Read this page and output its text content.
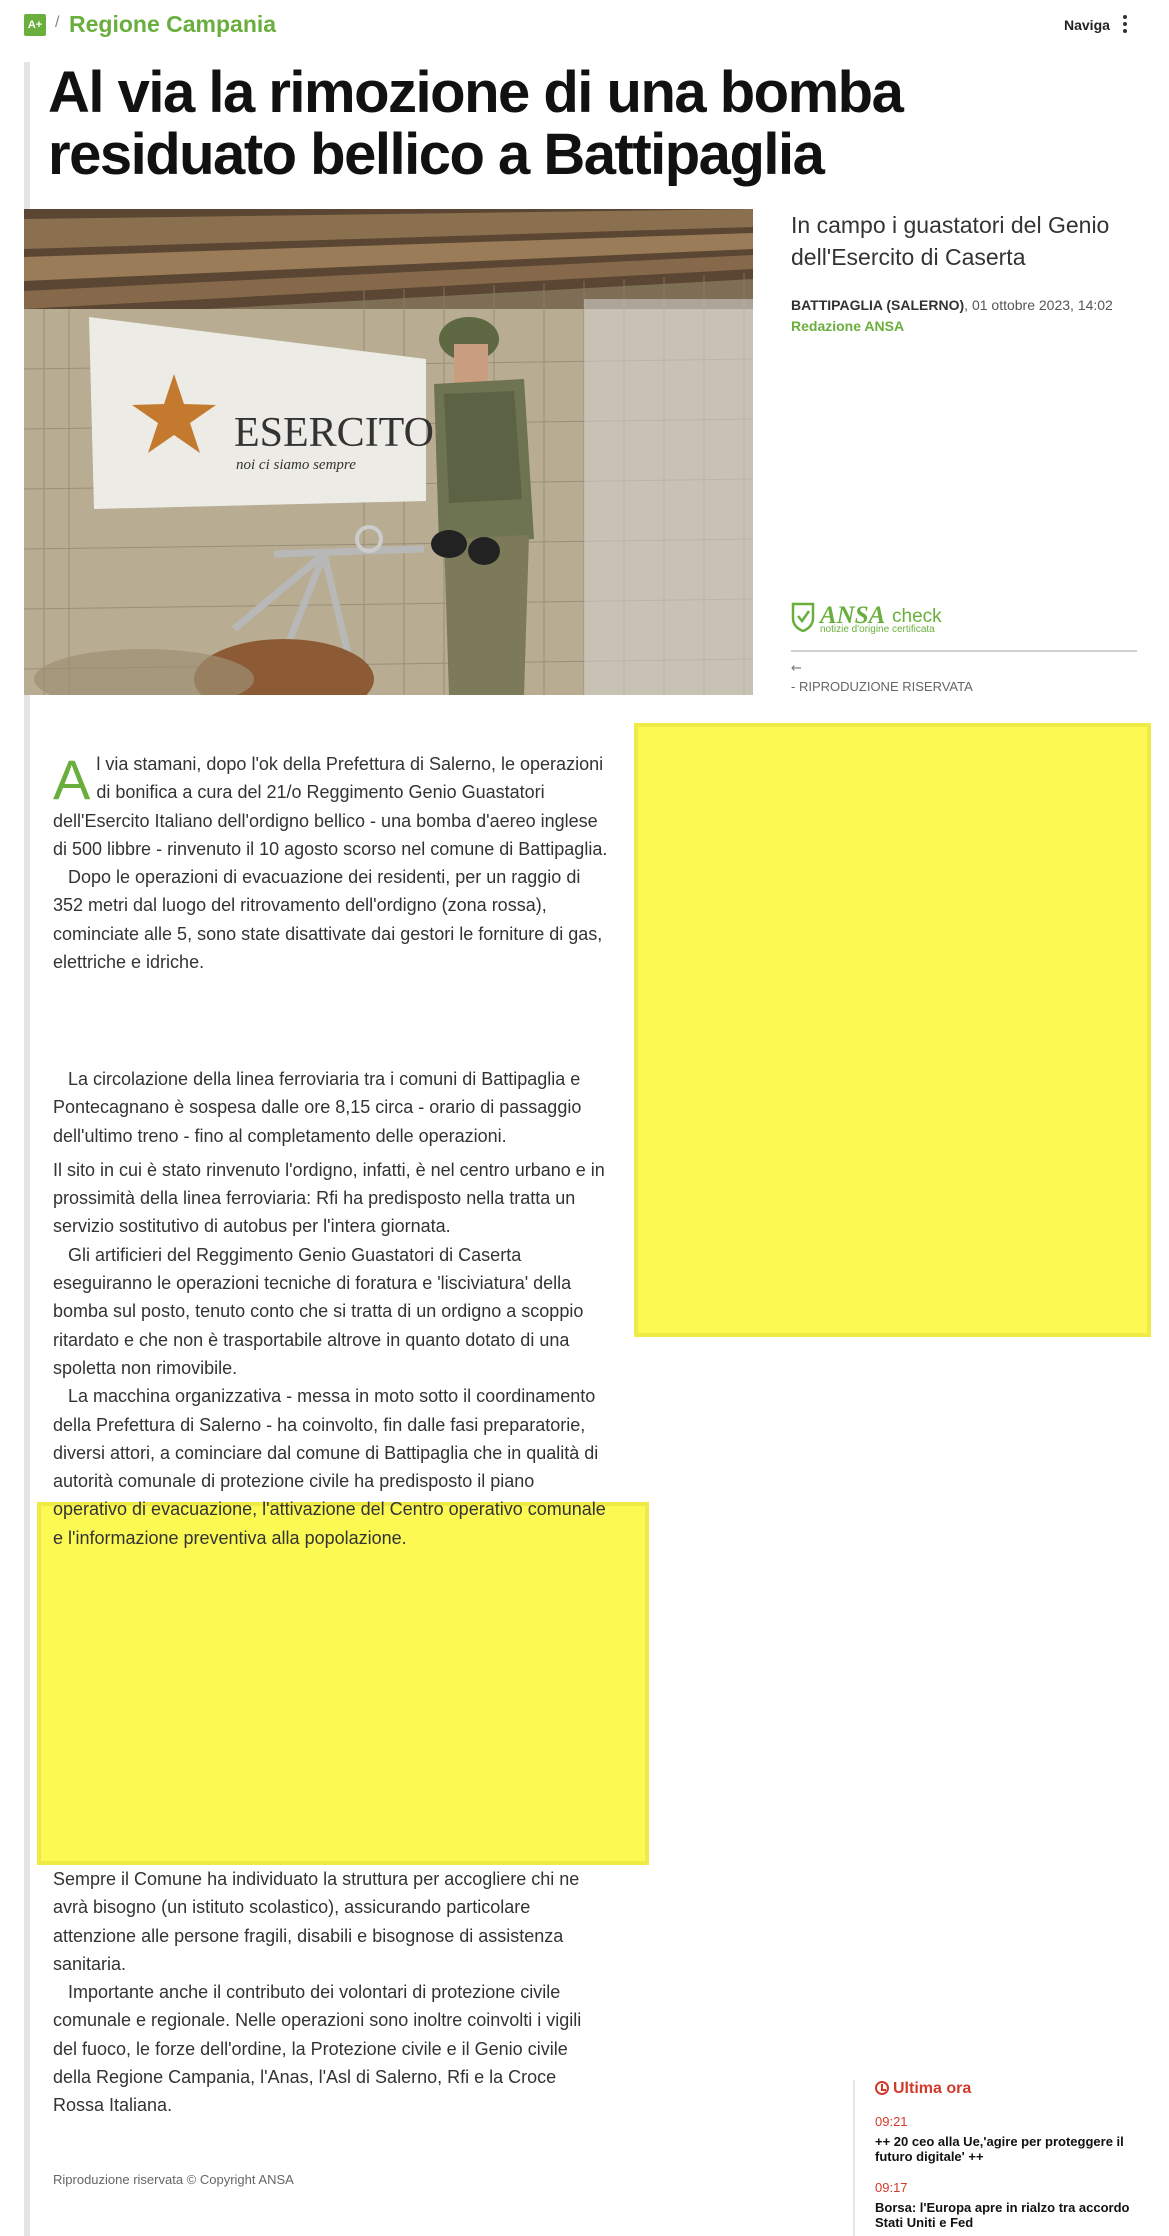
A+ / Regione Campania	Naviga
Al via la rimozione di una bomba residuato bellico a Battipaglia
ESERCITO
noi ci siamo sempre

In campo i guastatori del Genio dell'Esercito di Caserta

BATTIPAGLIA (SALERNO), 01 ottobre 2023, 14:02
Redazione ANSA
ANSA check
notizie d'origine certificata
←
- RIPRODUZIONE RISERVATA
Al via stamani, dopo l'ok della Prefettura di Salerno, le operazioni di bonifica a cura del 21/o Reggimento Genio Guastatori dell'Esercito Italiano dell'ordigno bellico - una bomba d'aereo inglese di 500 libbre - rinvenuto il 10 agosto scorso nel comune di Battipaglia.
Dopo le operazioni di evacuazione dei residenti, per un raggio di 352 metri dal luogo del ritrovamento dell'ordigno (zona rossa), cominciate alle 5, sono state disattivate dai gestori le forniture di gas, elettriche e idriche.
La circolazione della linea ferroviaria tra i comuni di Battipaglia e Pontecagnano è sospesa dalle ore 8,15 circa - orario di passaggio dell'ultimo treno - fino al completamento delle operazioni.
Il sito in cui è stato rinvenuto l'ordigno, infatti, è nel centro urbano e in prossimità della linea ferroviaria: Rfi ha predisposto nella tratta un servizio sostitutivo di autobus per l'intera giornata.
Gli artificieri del Reggimento Genio Guastatori di Caserta eseguiranno le operazioni tecniche di foratura e 'lisciviatura' della bomba sul posto, tenuto conto che si tratta di un ordigno a scoppio ritardato e che non è trasportabile altrove in quanto dotato di una spoletta non rimovibile.
La macchina organizzativa - messa in moto sotto il coordinamento della Prefettura di Salerno - ha coinvolto, fin dalle fasi preparatorie, diversi attori, a cominciare dal comune di Battipaglia che in qualità di autorità comunale di protezione civile ha predisposto il piano operativo di evacuazione, l'attivazione del Centro operativo comunale e l'informazione preventiva alla popolazione.
Sempre il Comune ha individuato la struttura per accogliere chi ne avrà bisogno (un istituto scolastico), assicurando particolare attenzione alle persone fragili, disabili e bisognose di assistenza sanitaria.
Importante anche il contributo dei volontari di protezione civile comunale e regionale. Nelle operazioni sono inoltre coinvolti i vigili del fuoco, le forze dell'ordine, la Protezione civile e il Genio civile della Regione Campania, l'Anas, l'Asl di Salerno, Rfi e la Croce Rossa Italiana.

Riproduzione riservata © Copyright ANSA

Ultima ora
09:21
++ 20 ceo alla Ue,'agire per proteggere il futuro digitale' ++
09:17
Borsa: l'Europa apre in rialzo tra accordo Stati Uniti e Fed
